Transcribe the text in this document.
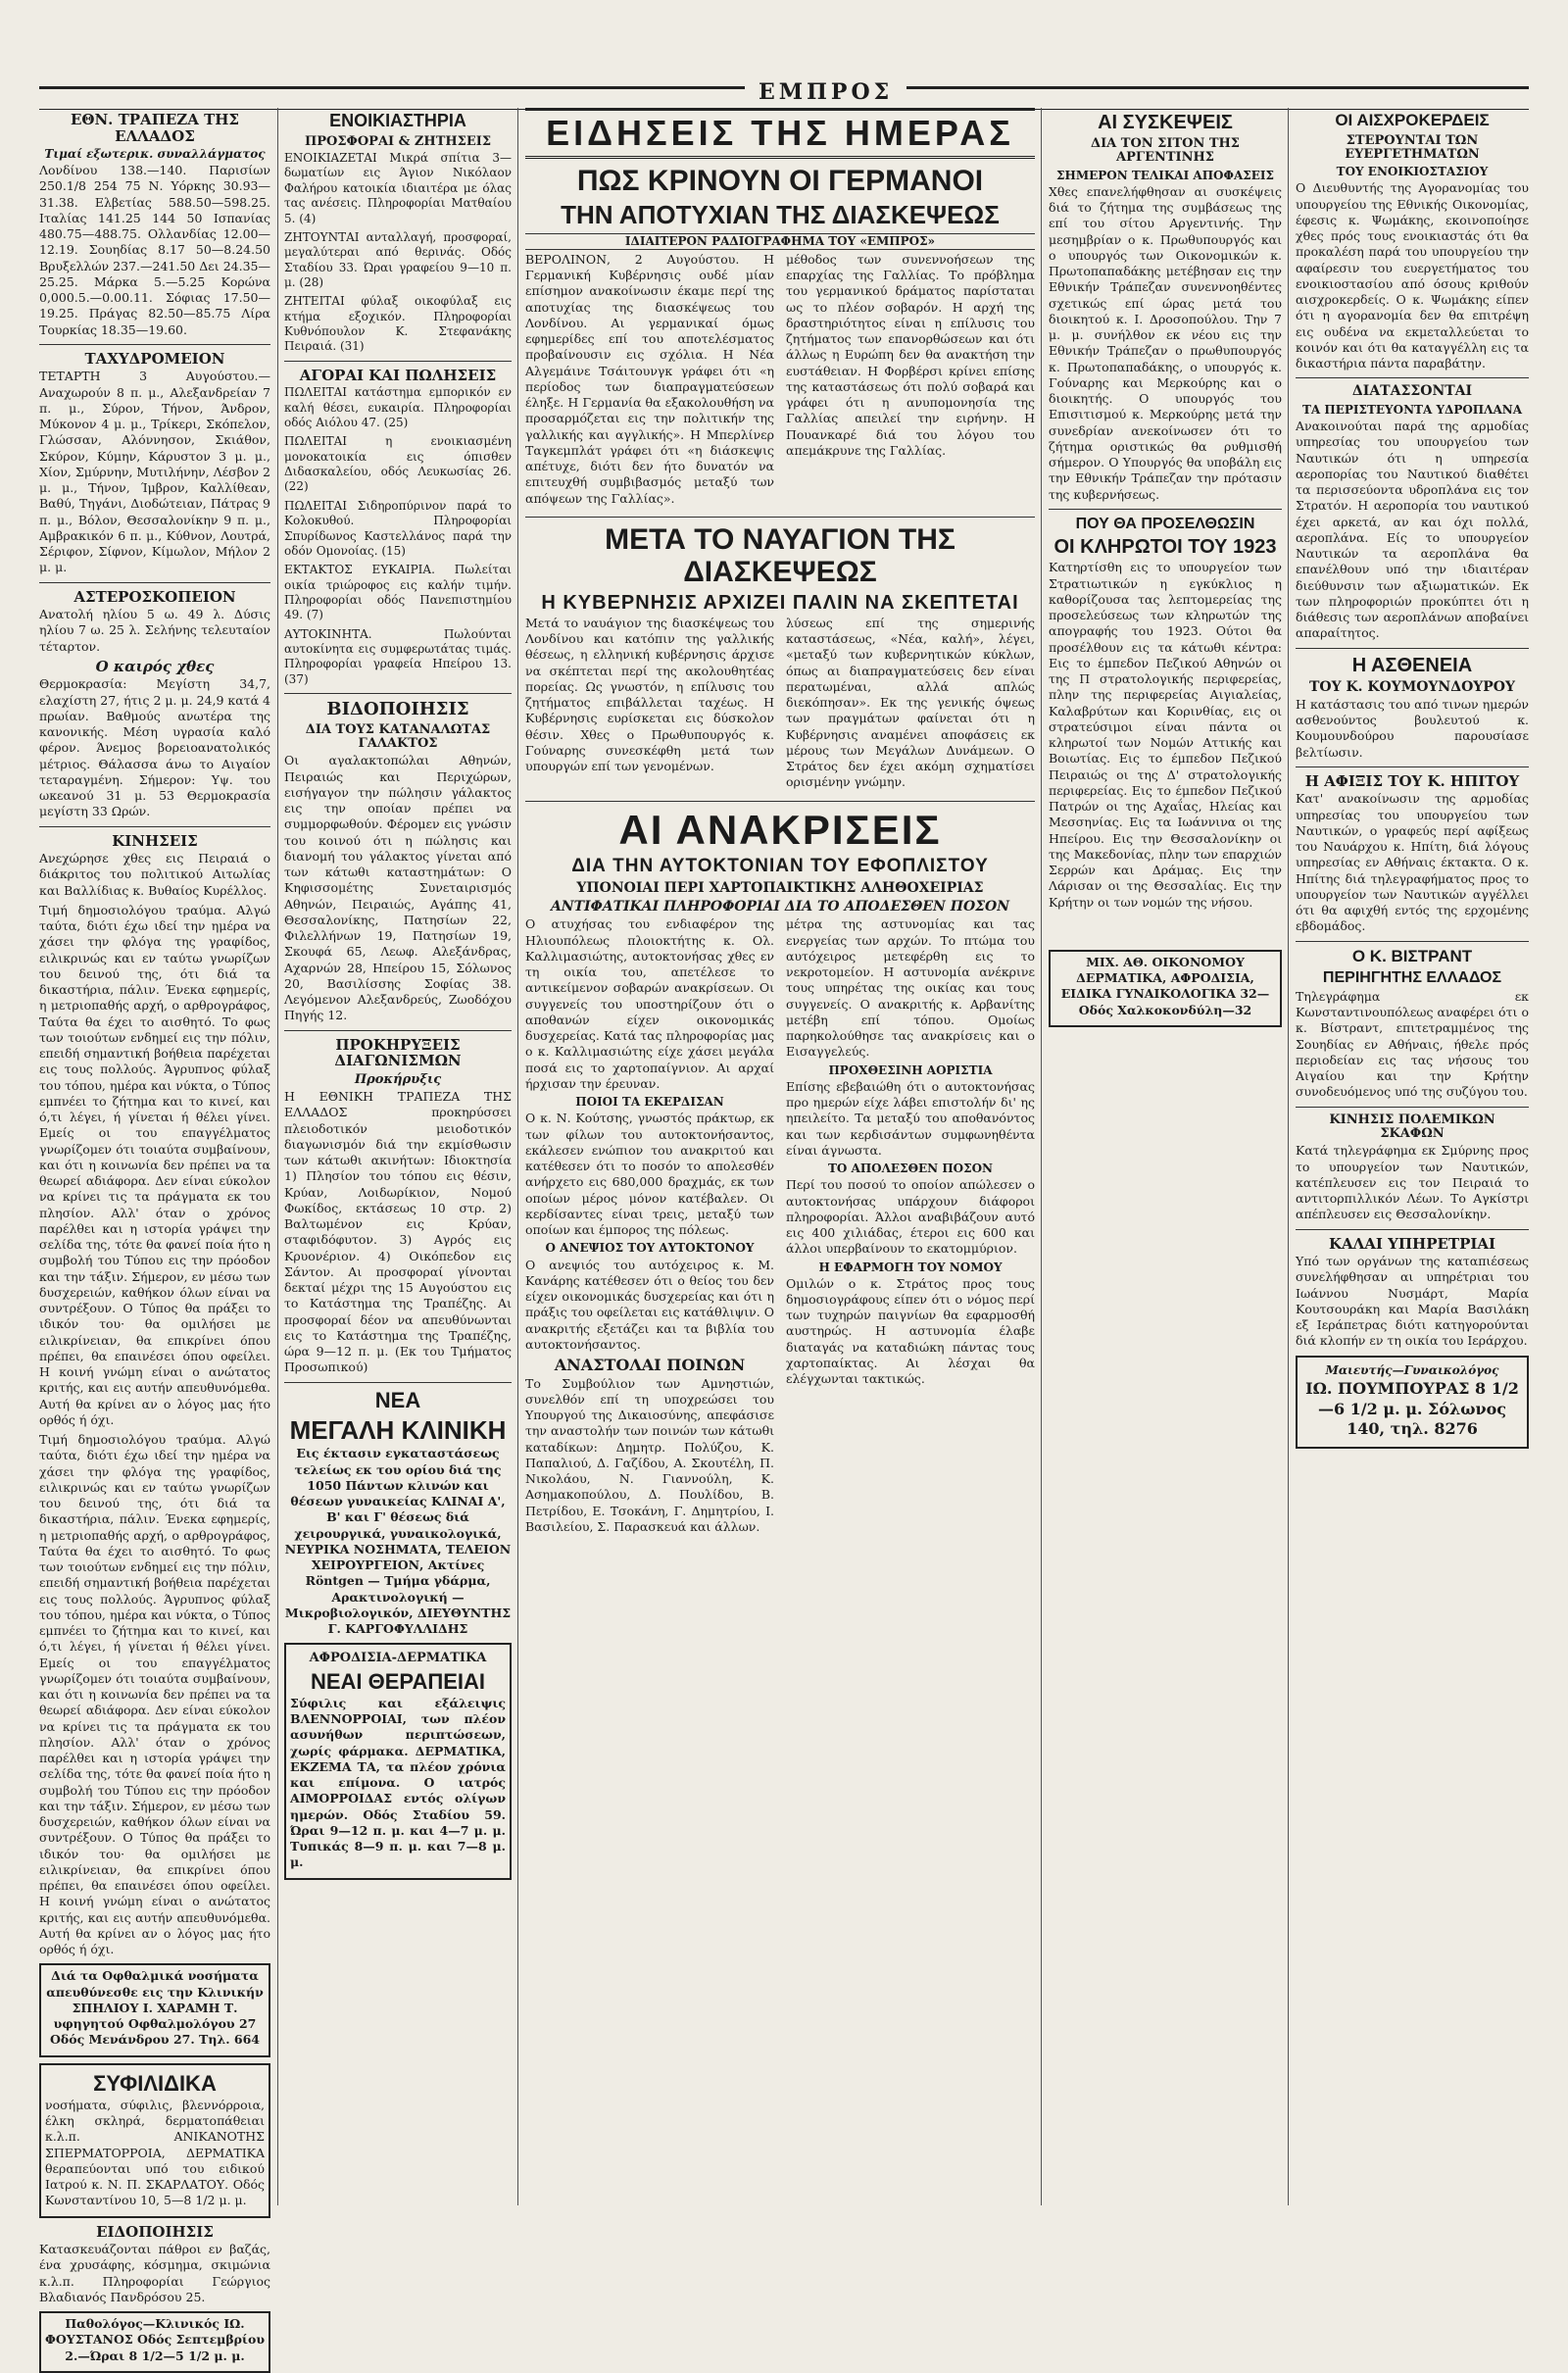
ΕΜΠΡΟΣ
ΕΘΝ. ΤΡΑΠΕΖΑ ΤΗΣ ΕΛΛΑΔΟΣ
Τιμαί εξωτερικ. συναλλάγματος

Λονδίνου 138.—140. Παρισίων 250.1/8 254 75 Ν. Υόρκης 30.93—31.38. Ελβετίας 588.50—598.25. Ιταλίας 141.25 144 50 Ισπανίας 480.75—488.75. Ολλανδίας 12.00—12.19. Σουηδίας 8.17 50—8.24.50 Βρυξελλών 237.—241.50 Δει 24.35—25.25. Μάρκα 5.—5.25 Κορώνα 0,000.5.—0.00.11. Σόφιας 17.50—19.25. Πράγας 82.50—85.75 Λίρα Τουρκίας 18.35—19.60.

ΤΑΧΥΔΡΟΜΕΙΟΝ

ΤΕΤΑΡΤΗ 3 Αυγούστου.—Αναχωρούν 8 π. μ., Αλεξανδρείαν 7 π. μ., Σύρον, Τήνον, Άνδρον, Μύκονον 4 μ. μ., Τρίκερι, Σκόπελον, Γλώσσαν, Αλόννησον, Σκιάθον, Σκύρον, Κύμην, Κάρυστον 3 μ. μ., Χίον, Σμύρνην, Μυτιλήνην, Λέσβον 2 μ. μ., Τήνον, Ίμβρον, Καλλίθεαν, Βαθύ, Τηγάνι, Διοδώτειαν, Πάτρας 9 π. μ., Βόλον, Θεσσαλονίκην 9 π. μ., Αμβρακικόν 6 π. μ., Κύθνον, Λουτρά, Σέριφον, Σίφνον, Κίμωλον, Μήλον 2 μ. μ.

ΑΣΤΕΡΟΣΚΟΠΕΙΟΝ

Ανατολή ηλίου 5 ω. 49 λ. Δύσις ηλίου 7 ω. 25 λ. Σελήνης τελευταίον τέταρτον.

Ο καιρός χθες

Θερμοκρασία: Μεγίστη 34,7, ελαχίστη 27, ήτις 2 μ. μ. 24,9 κατά 4 πρωίαν. Βαθμούς ανωτέρα της κανονικής. Μέση υγρασία καλό φέρον. Άνεμος βορειοανατολικός μέτριος. Θάλασσα άνω το Αιγαίον τεταραγμένη. Σήμερον: Υψ. του ωκεανού 31 μ. 53 Θερμοκρασία μεγίστη 33 Ωρών.

ΚΙΝΗΣΕΙΣ

Ανεχώρησε χθες εις Πειραιά ο διάκριτος του πολιτικού Αιτωλίας και Βαλλίδιας κ. Βυθαίος Κυρέλλος.

Τιμή δημοσιολόγου τραύμα. Αλγώ ταύτα, διότι έχω ιδεί την ημέρα να χάσει την φλόγα της γραφίδος, ειλικρινώς και εν ταύτω γνωρίζων του δεινού της, ότι διά τα δικαστήρια, πάλιν. Ένεκα εφημερίς, η μετριοπαθής αρχή, ο αρθρογράφος, Ταύτα θα έχει το αισθητό. Το φως των τοιούτων ενδημεί εις την πόλιν, επειδή σημαντική βοήθεια παρέχεται εις τους πολλούς. Άγρυπνος φύλαξ του τόπου, ημέρα και νύκτα, ο Τύπος εμπνέει το ζήτημα και το κινεί, και ό,τι λέγει, ή γίνεται ή θέλει γίνει. Εμείς οι του επαγγέλματος γνωρίζομεν ότι τοιαύτα συμβαίνουν, και ότι η κοινωνία δεν πρέπει να τα θεωρεί αδιάφορα. Δεν είναι εύκολον να κρίνει τις τα πράγματα εκ του πλησίον. Αλλ' όταν ο χρόνος παρέλθει και η ιστορία γράψει την σελίδα της, τότε θα φανεί ποία ήτο η συμβολή του Τύπου εις την πρόοδον και την τάξιν. Σήμερον, εν μέσω των δυσχερειών, καθήκον όλων είναι να συντρέξουν. Ο Τύπος θα πράξει το ιδικόν του· θα ομιλήσει με ειλικρίνειαν, θα επικρίνει όπου πρέπει, θα επαινέσει όπου οφείλει. Η κοινή γνώμη είναι ο ανώτατος κριτής, και εις αυτήν απευθυνόμεθα. Αυτή θα κρίνει αν ο λόγος μας ήτο ορθός ή όχι.

Τιμή δημοσιολόγου τραύμα. Αλγώ ταύτα, διότι έχω ιδεί την ημέρα να χάσει την φλόγα της γραφίδος, ειλικρινώς και εν ταύτω γνωρίζων του δεινού της, ότι διά τα δικαστήρια, πάλιν. Ένεκα εφημερίς, η μετριοπαθής αρχή, ο αρθρογράφος, Ταύτα θα έχει το αισθητό. Το φως των τοιούτων ενδημεί εις την πόλιν, επειδή σημαντική βοήθεια παρέχεται εις τους πολλούς. Άγρυπνος φύλαξ του τόπου, ημέρα και νύκτα, ο Τύπος εμπνέει το ζήτημα και το κινεί, και ό,τι λέγει, ή γίνεται ή θέλει γίνει. Εμείς οι του επαγγέλματος γνωρίζομεν ότι τοιαύτα συμβαίνουν, και ότι η κοινωνία δεν πρέπει να τα θεωρεί αδιάφορα. Δεν είναι εύκολον να κρίνει τις τα πράγματα εκ του πλησίον. Αλλ' όταν ο χρόνος παρέλθει και η ιστορία γράψει την σελίδα της, τότε θα φανεί ποία ήτο η συμβολή του Τύπου εις την πρόοδον και την τάξιν. Σήμερον, εν μέσω των δυσχερειών, καθήκον όλων είναι να συντρέξουν. Ο Τύπος θα πράξει το ιδικόν του· θα ομιλήσει με ειλικρίνειαν, θα επικρίνει όπου πρέπει, θα επαινέσει όπου οφείλει. Η κοινή γνώμη είναι ο ανώτατος κριτής, και εις αυτήν απευθυνόμεθα. Αυτή θα κρίνει αν ο λόγος μας ήτο ορθός ή όχι.

Διά τα Οφθαλμικά νοσήματα απευθύνεσθε εις την Κλινικήν ΣΠΗΛΙΟΥ Ι. ΧΑΡΑΜΗ Τ. υφηγητού Οφθαλμολόγου 27 Οδός Μενάνδρου 27. Τηλ. 664

ΣΥΦΙΛΙΔΙΚΑ

νοσήματα, σύφιλις, βλεννόρροια, έλκη σκληρά, δερματοπάθειαι κ.λ.π. ΑΝΙΚΑΝΟΤΗΣ ΣΠΕΡΜΑΤΟΡΡΟΙΑ, ΔΕΡΜΑΤΙΚΑ θεραπεύονται υπό του ειδικού Ιατρού κ. Ν. Π. ΣΚΑΡΛΑΤΟΥ. Οδός Κωνσταντίνου 10, 5—8 1/2 μ. μ.

ΕΙΔΟΠΟΙΗΣΙΣ

Κατασκευάζονται πάθροι εν βαζάς, ένα χρυσάφης, κόσμημα, σκιμώνια κ.λ.π. Πληροφορίαι Γεώργιος Βλαδιανός Πανδρόσου 25.

Παθολόγος—Κλινικός ΙΩ. ΦΟΥΣΤΑΝΟΣ Οδός Σεπτεμβρίου 2.—Ώραι 8 1/2—5 1/2 μ. μ.

ΕΝΟΙΚΙΑΣΤΗΡΙΑ
ΠΡΟΣΦΟΡΑΙ & ΖΗΤΗΣΕΙΣ

ΕΝΟΙΚΙΑΖΕΤΑΙ Μικρά σπίτια 3—δωματίων εις Άγιον Νικόλαον Φαλήρου κατοικία ιδιαιτέρα με όλας τας ανέσεις. Πληροφορίαι Ματθαίου 5. (4)

ΖΗΤΟΥΝΤΑΙ ανταλλαγή, προσφοραί, μεγαλύτεραι από θερινάς. Οδός Σταδίου 33. Ώραι γραφείου 9—10 π. μ. (28)

ΖΗΤΕΙΤΑΙ φύλαξ οικοφύλαξ εις κτήμα εξοχικόν. Πληροφορίαι Κυθνόπουλον Κ. Στεφανάκης Πειραιά. (31)

ΑΓΟΡΑΙ ΚΑΙ ΠΩΛΗΣΕΙΣ

ΠΩΛΕΙΤΑΙ κατάστημα εμπορικόν εν καλή θέσει, ευκαιρία. Πληροφορίαι οδός Αιόλου 47. (25)

ΠΩΛΕΙΤΑΙ η ενοικιασμένη μονοκατοικία εις όπισθεν Διδασκαλείου, οδός Λευκωσίας 26. (22)

ΠΩΛΕΙΤΑΙ Σιδηροπύρινον παρά το Κολοκυθού. Πληροφορίαι Σπυρίδωνος Καστελλάνος παρά την οδόν Ομονοίας. (15)

ΕΚΤΑΚΤΟΣ ΕΥΚΑΙΡΙΑ. Πωλείται οικία τριώροφος εις καλήν τιμήν. Πληροφορίαι οδός Πανεπιστημίου 49. (7)

ΑΥΤΟΚΙΝΗΤΑ. Πωλούνται αυτοκίνητα εις συμφερωτάτας τιμάς. Πληροφορίαι γραφεία Ηπείρου 13. (37)

ΒΙΔΟΠΟΙΗΣΙΣ
ΔΙΑ ΤΟΥΣ ΚΑΤΑΝΑΛΩΤΑΣ ΓΑΛΑΚΤΟΣ

Οι αγαλακτοπώλαι Αθηνών, Πειραιώς και Περιχώρων, εισήγαγον την πώλησιν γάλακτος εις την οποίαν πρέπει να συμμορφωθούν. Φέρομεν εις γνώσιν του κοινού ότι η πώλησις και διανομή του γάλακτος γίνεται από των κάτωθι καταστημάτων: Ο Κηφισσομέτης Συνεταιρισμός Αθηνών, Πειραιώς, Αγάπης 41, Θεσσαλονίκης, Πατησίων 22, Φιλελλήνων 19, Πατησίων 19, Σκουφά 65, Λεωφ. Αλεξάνδρας, Αχαρνών 28, Ηπείρου 15, Σόλωνος 20, Βασιλίσσης Σοφίας 38. Λεγόμενον Αλεξανδρεύς, Ζωοδόχου Πηγής 12.

ΠΡΟΚΗΡΥΞΕΙΣ ΔΙΑΓΩΝΙΣΜΩΝ
Προκήρυξις

Η ΕΘΝΙΚΗ ΤΡΑΠΕΖΑ ΤΗΣ ΕΛΛΑΔΟΣ προκηρύσσει πλειοδοτικόν μειοδοτικόν διαγωνισμόν διά την εκμίσθωσιν των κάτωθι ακινήτων: Ιδιοκτησία 1) Πλησίον του τόπου εις θέσιν, Κρύαν, Λοιδωρίκιον, Νομού Φωκίδος, εκτάσεως 10 στρ. 2) Βαλτωμένον εις Κρύαν, σταφιδόφυτον. 3) Αγρός εις Κρυονέριον. 4) Οικόπεδον εις Σάντον. Αι προσφοραί γίνονται δεκταί μέχρι της 15 Αυγούστου εις το Κατάστημα της Τραπέζης. Αι προσφοραί δέον να απευθύνωνται εις το Κατάστημα της Τραπέζης, ώρα 9—12 π. μ. (Εκ του Τμήματος Προσωπικού)

ΝΕΑ
ΜΕΓΑΛΗ ΚΛΙΝΙΚΗ

Εις έκτασιν εγκαταστάσεως τελείως εκ του ορίου διά της 1050 Πάντων κλινών και θέσεων γυναικείας ΚΛΙΝΑΙ Α', Β' και Γ' θέσεως διά χειρουργικά, γυναικολογικά, ΝΕΥΡΙΚΑ ΝΟΣΗΜΑΤΑ, ΤΕΛΕΙΟΝ ΧΕΙΡΟΥΡΓΕΙΟΝ, Ακτίνες Röntgen — Τμήμα γδάρμα, Αρακτινολογική — Μικροβιολογικόν, ΔΙΕΥΘΥΝΤΗΣ Γ. ΚΑΡΓΟΦΥΛΛΙΔΗΣ

ΑΦΡΟΔΙΣΙΑ-ΔΕΡΜΑΤΙΚΑ
ΝΕΑΙ ΘΕΡΑΠΕΙΑΙ

Σύφιλις και εξάλειψις ΒΛΕΝΝΟΡΡΟΙΑΙ, των πλέον ασυνήθων περιπτώσεων, χωρίς φάρμακα. ΔΕΡΜΑΤΙΚΑ, ΕΚΖΕΜΑ ΤΑ, τα πλέον χρόνια και επίμονα. Ο ιατρός ΑΙΜΟΡΡΟΙΔΑΣ εντός ολίγων ημερών. Οδός Σταδίου 59. Ώραι 9—12 π. μ. και 4—7 μ. μ. Τυπικάς 8—9 π. μ. και 7—8 μ. μ.

ΕΙΔΗΣΕΙΣ ΤΗΣ ΗΜΕΡΑΣ
ΠΩΣ ΚΡΙΝΟΥΝ ΟΙ ΓΕΡΜΑΝΟΙ
ΤΗΝ ΑΠΟΤΥΧΙΑΝ ΤΗΣ ΔΙΑΣΚΕΨΕΩΣ
ΙΔΙΑΙΤΕΡΟΝ ΡΑΔΙΟΓΡΑΦΗΜΑ ΤΟΥ «ΕΜΠΡΟΣ»

ΒΕΡΟΛΙΝΟΝ, 2 Αυγούστου. Η Γερμανική Κυβέρνησις ουδέ μίαν επίσημον ανακοίνωσιν έκαμε περί της αποτυχίας της διασκέψεως του Λονδίνου. Αι γερμανικαί όμως εφημερίδες επί του αποτελέσματος προβαίνουσιν εις σχόλια. Η Νέα Αλγεμάινε Τσάιτουνγκ γράφει ότι «η περίοδος των διαπραγματεύσεων έληξε. Η Γερμανία θα εξακολουθήση να προσαρμόζεται εις την πολιτικήν της γαλλικής και αγγλικής». Η Μπερλίνερ Ταγκεμπλάτ γράφει ότι «η διάσκεψις απέτυχε, διότι δεν ήτο δυνατόν να επιτευχθή συμβιβασμός μεταξύ των απόψεων της Γαλλίας».

μέθοδος των συνεννοήσεων της επαρχίας της Γαλλίας. Το πρόβλημα του γερμανικού δράματος παρίσταται ως το πλέον σοβαρόν. Η αρχή της δραστηριότητος είναι η επίλυσις του ζητήματος των επανορθώσεων και ότι άλλως η Ευρώπη δεν θα ανακτήση την ευστάθειαν. Η Φορβέρσι κρίνει επίσης της καταστάσεως ότι πολύ σοβαρά και γράφει ότι η ανυπομονησία της Γαλλίας απειλεί την ειρήνην. Η Πουανκαρέ διά του λόγου του απεμάκρυνε της Γαλλίας.

ΜΕΤΑ ΤΟ ΝΑΥΑΓΙΟΝ ΤΗΣ ΔΙΑΣΚΕΨΕΩΣ
Η ΚΥΒΕΡΝΗΣΙΣ ΑΡΧΙΖΕΙ ΠΑΛΙΝ ΝΑ ΣΚΕΠΤΕΤΑΙ

Μετά το ναυάγιον της διασκέψεως του Λονδίνου και κατόπιν της γαλλικής θέσεως, η ελληνική κυβέρνησις άρχισε να σκέπτεται περί της ακολουθητέας πορείας. Ως γνωστόν, η επίλυσις του ζητήματος επιβάλλεται ταχέως. Η Κυβέρνησις ευρίσκεται εις δύσκολον θέσιν. Χθες ο Πρωθυπουργός κ. Γούναρης συνεσκέφθη μετά των υπουργών επί των γενομένων.

λύσεως επί της σημερινής καταστάσεως, «Νέα, καλή», λέγει, «μεταξύ των κυβερνητικών κύκλων, όπως αι διαπραγματεύσεις δεν είναι περατωμέναι, αλλά απλώς διεκόπησαν». Εκ της γενικής όψεως των πραγμάτων φαίνεται ότι η Κυβέρνησις αναμένει αποφάσεις εκ μέρους των Μεγάλων Δυνάμεων. Ο Στράτος δεν έχει ακόμη σχηματίσει ορισμένην γνώμην.

ΑΙ ΑΝΑΚΡΙΣΕΙΣ
ΔΙΑ ΤΗΝ ΑΥΤΟΚΤΟΝΙΑΝ ΤΟΥ ΕΦΟΠΛΙΣΤΟΥ
ΥΠΟΝΟΙΑΙ ΠΕΡΙ ΧΑΡΤΟΠΑΙΚΤΙΚΗΣ ΑΛΗΘΟΧΕΙΡΙΑΣ
ΑΝΤΙΦΑΤΙΚΑΙ ΠΛΗΡΟΦΟΡΙΑΙ ΔΙΑ ΤΟ ΑΠΟΔΕΣΘΕΝ ΠΟΣΟΝ

Ο ατυχήσας του ενδιαφέρον της Ηλιουπόλεως πλοιοκτήτης κ. Ολ. Καλλιμασιώτης, αυτοκτονήσας χθες εν τη οικία του, απετέλεσε το αντικείμενον σοβαρών ανακρίσεων. Οι συγγενείς του υποστηρίζουν ότι ο αποθανών είχεν οικονομικάς δυσχερείας. Κατά τας πληροφορίας μας ο κ. Καλλιμασιώτης είχε χάσει μεγάλα ποσά εις το χαρτοπαίγνιον. Αι αρχαί ήρχισαν την έρευναν.

ΠΟΙΟΙ ΤΑ ΕΚΕΡΔΙΣΑΝ

Ο κ. Ν. Κούτσης, γνωστός πράκτωρ, εκ των φίλων του αυτοκτονήσαντος, εκάλεσεν ενώπιον του ανακριτού και κατέθεσεν ότι το ποσόν το απολεσθέν ανήρχετο εις 680,000 δραχμάς, εκ των οποίων μέρος μόνον κατέβαλεν. Οι κερδίσαντες είναι τρεις, μεταξύ των οποίων και έμπορος της πόλεως.

Ο ΑΝΕΨΙΟΣ ΤΟΥ ΑΥΤΟΚΤΟΝΟΥ

Ο ανεψιός του αυτόχειρος κ. Μ. Κανάρης κατέθεσεν ότι ο θείος του δεν είχεν οικονομικάς δυσχερείας και ότι η πράξις του οφείλεται εις κατάθλιψιν. Ο ανακριτής εξετάζει και τα βιβλία του αυτοκτονήσαντος.

ΑΝΑΣΤΟΛΑΙ ΠΟΙΝΩΝ

Το Συμβούλιον των Αμνηστιών, συνελθόν επί τη υποχρεώσει του Υπουργού της Δικαιοσύνης, απεφάσισε την αναστολήν των ποινών των κάτωθι καταδίκων: Δημητρ. Πολύζου, Κ. Παπαλιού, Δ. Γαζίδου, Α. Σκουτέλη, Π. Νικολάου, Ν. Γιαννούλη, Κ. Ασημακοπούλου, Δ. Πουλίδου, Β. Πετρίδου, Ε. Τσοκάνη, Γ. Δημητρίου, Ι. Βασιλείου, Σ. Παρασκευά και άλλων.

μέτρα της αστυνομίας και τας ενεργείας των αρχών. Το πτώμα του αυτόχειρος μετεφέρθη εις το νεκροτομείον. Η αστυνομία ανέκρινε τους υπηρέτας της οικίας και τους συγγενείς. Ο ανακριτής κ. Αρβανίτης μετέβη επί τόπου. Ομοίως παρηκολούθησε τας ανακρίσεις και ο Εισαγγελεύς.

ΠΡΟΧΘΕΣΙΝΗ ΑΟΡΙΣΤΙΑ

Επίσης εβεβαιώθη ότι ο αυτοκτονήσας προ ημερών είχε λάβει επιστολήν δι' ης ηπειλείτο. Τα μεταξύ του αποθανόντος και των κερδισάντων συμφωνηθέντα είναι άγνωστα.

ΤΟ ΑΠΟΛΕΣΘΕΝ ΠΟΣΟΝ

Περί του ποσού το οποίον απώλεσεν ο αυτοκτονήσας υπάρχουν διάφοροι πληροφορίαι. Άλλοι αναβιβάζουν αυτό εις 400 χιλιάδας, έτεροι εις 600 και άλλοι υπερβαίνουν το εκατομμύριον.

Η ΕΦΑΡΜΟΓΗ ΤΟΥ ΝΟΜΟΥ

Ομιλών ο κ. Στράτος προς τους δημοσιογράφους είπεν ότι ο νόμος περί των τυχηρών παιγνίων θα εφαρμοσθή αυστηρώς. Η αστυνομία έλαβε διαταγάς να καταδιώκη πάντας τους χαρτοπαίκτας. Αι λέσχαι θα ελέγχωνται τακτικώς.

ΑΙ ΣΥΣΚΕΨΕΙΣ
ΔΙΑ ΤΟΝ ΣΙΤΟΝ ΤΗΣ ΑΡΓΕΝΤΙΝΗΣ
ΣΗΜΕΡΟΝ ΤΕΛΙΚΑΙ ΑΠΟΦΑΣΕΙΣ

Χθες επανελήφθησαν αι συσκέψεις διά το ζήτημα της συμβάσεως της επί του σίτου Αργεντινής. Την μεσημβρίαν ο κ. Πρωθυπουργός και ο υπουργός των Οικονομικών κ. Πρωτοπαπαδάκης μετέβησαν εις την Εθνικήν Τράπεζαν συνεννοηθέντες σχετικώς επί ώρας μετά του διοικητού κ. Ι. Δροσοπούλου. Την 7 μ. μ. συνήλθον εκ νέου εις την Εθνικήν Τράπεζαν ο πρωθυπουργός κ. Πρωτοπαπαδάκης, ο υπουργός κ. Γούναρης και Μερκούρης και ο διοικητής. Ο υπουργός του Επισιτισμού κ. Μερκούρης μετά την συνεδρίαν ανεκοίνωσεν ότι το ζήτημα οριστικώς θα ρυθμισθή σήμερον. Ο Υπουργός θα υποβάλη εις την Εθνικήν Τράπεζαν την πρότασιν της κυβερνήσεως.

ΠΟΥ ΘΑ ΠΡΟΣΕΛΘΩΣΙΝ
ΟΙ ΚΛΗΡΩΤΟΙ ΤΟΥ 1923

Κατηρτίσθη εις το υπουργείον των Στρατιωτικών η εγκύκλιος η καθορίζουσα τας λεπτομερείας της προσελεύσεως των κληρωτών της απογραφής του 1923. Ούτοι θα προσέλθουν εις τα κάτωθι κέντρα: Εις το έμπεδον Πεζικού Αθηνών οι της Π στρατολογικής περιφερείας, πλην της περιφερείας Αιγιαλείας, Καλαβρύτων και Κορινθίας, εις οι στρατεύσιμοι είναι πάντα οι κληρωτοί των Νομών Αττικής και Βοιωτίας. Εις το έμπεδον Πεζικού Πειραιώς οι της Δ' στρατολογικής περιφερείας. Εις το έμπεδον Πεζικού Πατρών οι της Αχαΐας, Ηλείας και Μεσσηνίας. Εις τα Ιωάννινα οι της Ηπείρου. Εις την Θεσσαλονίκην οι της Μακεδονίας, πλην των επαρχιών Σερρών και Δράμας. Εις την Λάρισαν οι της Θεσσαλίας. Εις την Κρήτην οι των νομών της νήσου.

ΜΙΧ. ΑΘ. ΟΙΚΟΝΟΜΟΥ ΔΕΡΜΑΤΙΚΑ, ΑΦΡΟΔΙΣΙΑ, ΕΙΔΙΚΑ ΓΥΝΑΙΚΟΛΟΓΙΚΑ 32—Οδός Χαλκοκονδύλη—32

ΟΙ ΑΙΣΧΡΟΚΕΡΔΕΙΣ
ΣΤΕΡΟΥΝΤΑΙ ΤΩΝ ΕΥΕΡΓΕΤΗΜΑΤΩΝ
ΤΟΥ ΕΝΟΙΚΙΟΣΤΑΣΙΟΥ

Ο Διευθυντής της Αγορανομίας του υπουργείου της Εθνικής Οικονομίας, έφεσις κ. Ψωμάκης, εκοινοποίησε χθες πρός τους ενοικιαστάς ότι θα προκαλέση παρά του υπουργείου την αφαίρεσιν του ευεργετήματος του ενοικιοστασίου από όσους κριθούν αισχροκερδείς. Ο κ. Ψωμάκης είπεν ότι η αγορανομία δεν θα επιτρέψη εις ουδένα να εκμεταλλεύεται το κοινόν και ότι θα καταγγέλλη εις τα δικαστήρια πάντα παραβάτην.

ΔΙΑΤΑΣΣΟΝΤΑΙ
ΤΑ ΠΕΡΙΣΤΕΥΟΝΤΑ ΥΔΡΟΠΛΑΝΑ

Ανακοινούται παρά της αρμοδίας υπηρεσίας του υπουργείου των Ναυτικών ότι η υπηρεσία αεροπορίας του Ναυτικού διαθέτει τα περισσεύοντα υδροπλάνα εις τον Στρατόν. Η αεροπορία του ναυτικού έχει αρκετά, αν και όχι πολλά, αεροπλάνα. Είς το υπουργείον Ναυτικών τα αεροπλάνα θα επανέλθουν υπό την ιδιαιτέραν διεύθυνσιν των αξιωματικών. Εκ των πληροφοριών προκύπτει ότι η διάθεσις των αεροπλάνων αποβαίνει απαραίτητος.

Η ΑΣΘΕΝΕΙΑ
ΤΟΥ Κ. ΚΟΥΜΟΥΝΔΟΥΡΟΥ

Η κατάστασις του από τινων ημερών ασθενούντος βουλευτού κ. Κουμουνδούρου παρουσίασε βελτίωσιν.

Η ΑΦΙΞΙΣ ΤΟΥ Κ. ΗΠΙΤΟΥ

Κατ' ανακοίνωσιν της αρμοδίας υπηρεσίας του υπουργείου των Ναυτικών, ο γραφεύς περί αφίξεως του Ναυάρχου κ. Ηπίτη, διά λόγους υπηρεσίας εν Αθήναις έκτακτα. Ο κ. Ηπίτης διά τηλεγραφήματος προς το υπουργείον των Ναυτικών αγγέλλει ότι θα αφιχθή εντός της ερχομένης εβδομάδος.

Ο Κ. ΒΙΣΤΡΑΝΤ
ΠΕΡΙΗΓΗΤΗΣ ΕΛΛΑΔΟΣ

Τηλεγράφημα εκ Κωνσταντινουπόλεως αναφέρει ότι ο κ. Βίστραντ, επιτετραμμένος της Σουηδίας εν Αθήναις, ήθελε πρός περιοδείαν εις τας νήσους του Αιγαίου και την Κρήτην συνοδευόμενος υπό της συζύγου του.

ΚΙΝΗΣΙΣ ΠΟΛΕΜΙΚΩΝ ΣΚΑΦΩΝ

Κατά τηλεγράφημα εκ Σμύρνης προς το υπουργείον των Ναυτικών, κατέπλευσεν εις τον Πειραιά το αντιτορπιλλικόν Λέων. Το Αγκίστρι απέπλευσεν εις Θεσσαλονίκην.

ΚΑΛΑΙ ΥΠΗΡΕΤΡΙΑΙ

Υπό των οργάνων της καταπιέσεως συνελήφθησαν αι υπηρέτριαι του Ιωάννου Νυσμάρτ, Μαρία Κουτσουράκη και Μαρία Βασιλάκη εξ Ιεράπετρας διότι κατηγορούνται διά κλοπήν εν τη οικία του Ιεράρχου.

Μαιευτής—Γυναικολόγος

ΙΩ. ΠΟΥΜΠΟΥΡΑΣ 8 1/2—6 1/2 μ. μ. Σόλωνος 140, τηλ. 8276
